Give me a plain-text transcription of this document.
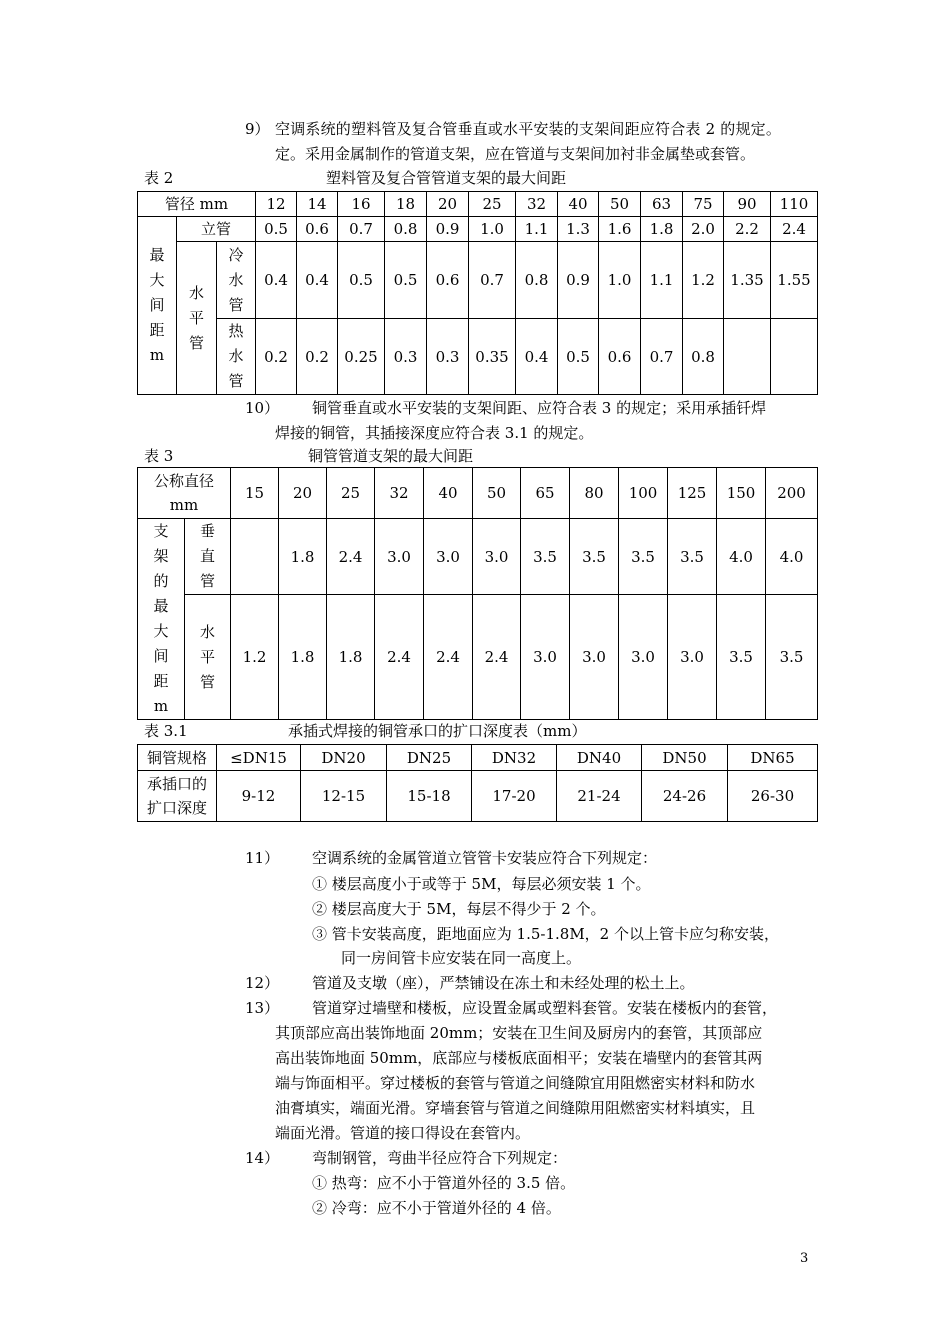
9） 空调系统的塑料管及复合管垂直或水平安装的支架间距应符合表 2 的规定。
定。采用金属制作的管道支架，应在管道与支架间加衬非金属垫或套管。
表 2	塑料管及复合管管道支架的最大间距
管径 mm			12	14	16	18	20	25	32	40	50	63	75	90	110
最大间距m	立管		0.5	0.6	0.7	0.8	0.9	1.0	1.1	1.3	1.6	1.8	2.0	2.2	2.4
	水平管	冷水管	0.4	0.4	0.5	0.5	0.6	0.7	0.8	0.9	1.0	1.1	1.2	1.35	1.55
		热水管	0.2	0.2	0.25	0.3	0.3	0.35	0.4	0.5	0.6	0.7	0.8		
10） 铜管垂直或水平安装的支架间距、应符合表 3 的规定；采用承插钎焊
焊接的铜管，其插接深度应符合表 3.1 的规定。
表 3	铜管管道支架的最大间距
公称直径mm		15	20	25	32	40	50	65	80	100	125	150	200
支架的最大间距m	垂直管		1.8	2.4	3.0	3.0	3.0	3.5	3.5	3.5	3.5	4.0	4.0
	水平管	1.2	1.8	1.8	2.4	2.4	2.4	3.0	3.0	3.0	3.0	3.5	3.5
表 3.1	承插式焊接的铜管承口的扩口深度表（mm）
铜管规格	≤DN15	DN20	DN25	DN32	DN40	DN50	DN65
承插口的扩口深度	9-12	12-15	15-18	17-20	21-24	24-26	26-30
11） 空调系统的金属管道立管管卡安装应符合下列规定：
① 楼层高度小于或等于 5M，每层必须安装 1 个。
② 楼层高度大于 5M，每层不得少于 2 个。
③ 管卡安装高度，距地面应为 1.5-1.8M，2 个以上管卡应匀称安装，
同一房间管卡应安装在同一高度上。
12） 管道及支墩（座），严禁铺设在冻土和未经处理的松土上。
13） 管道穿过墙壁和楼板，应设置金属或塑料套管。安装在楼板内的套管，
其顶部应高出装饰地面 20mm；安装在卫生间及厨房内的套管，其顶部应
高出装饰地面 50mm，底部应与楼板底面相平；安装在墙壁内的套管其两
端与饰面相平。穿过楼板的套管与管道之间缝隙宜用阻燃密实材料和防水
油膏填实，端面光滑。穿墙套管与管道之间缝隙用阻燃密实材料填实，且
端面光滑。管道的接口得设在套管内。
14） 弯制钢管，弯曲半径应符合下列规定：
① 热弯：应不小于管道外径的 3.5 倍。
② 冷弯：应不小于管道外径的 4 倍。
3
